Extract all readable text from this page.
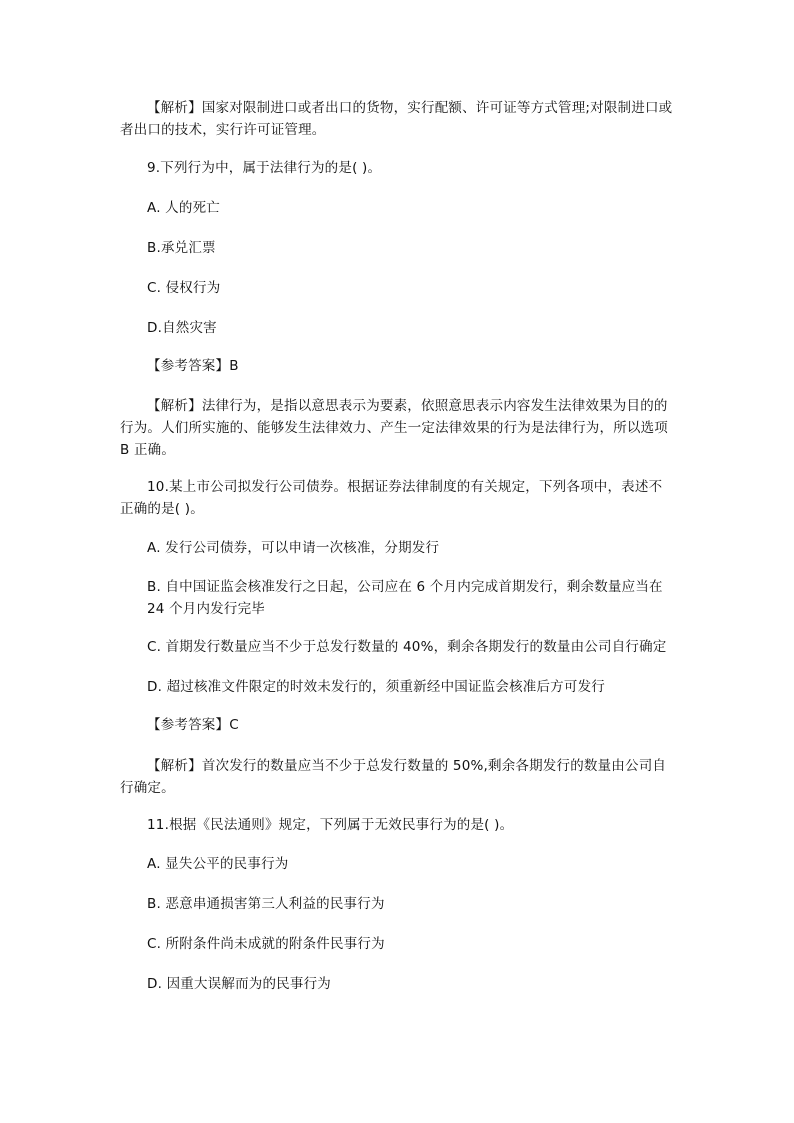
【解析】国家对限制进口或者出口的货物，实行配额、许可证等方式管理;对限制进口或者出口的技术，实行许可证管理。

9.下列行为中，属于法律行为的是( )。

A. 人的死亡

B.承兑汇票

C. 侵权行为

D.自然灾害

【参考答案】B

【解析】法律行为，是指以意思表示为要素，依照意思表示内容发生法律效果为目的的行为。人们所实施的、能够发生法律效力、产生一定法律效果的行为是法律行为，所以选项 B 正确。

10.某上市公司拟发行公司债券。根据证券法律制度的有关规定，下列各项中，表述不正确的是( )。

A. 发行公司债券，可以申请一次核准，分期发行

B. 自中国证监会核准发行之日起，公司应在 6 个月内完成首期发行，剩余数量应当在 24 个月内发行完毕

C. 首期发行数量应当不少于总发行数量的 40%，剩余各期发行的数量由公司自行确定

D. 超过核准文件限定的时效未发行的，须重新经中国证监会核准后方可发行

【参考答案】C

【解析】首次发行的数量应当不少于总发行数量的 50%,剩余各期发行的数量由公司自行确定。

11.根据《民法通则》规定，下列属于无效民事行为的是( )。

A. 显失公平的民事行为

B. 恶意串通损害第三人利益的民事行为

C. 所附条件尚未成就的附条件民事行为

D. 因重大误解而为的民事行为
